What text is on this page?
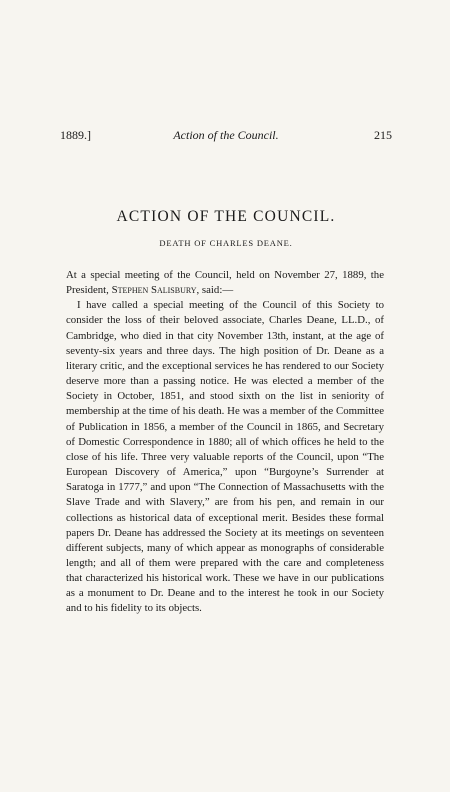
1889.]	Action of the Council.	215
ACTION OF THE COUNCIL.
DEATH OF CHARLES DEANE.

At a special meeting of the Council, held on November 27, 1889, the President, Stephen Salisbury, said:—

I have called a special meeting of the Council of this Society to consider the loss of their beloved associate, Charles Deane, LL.D., of Cambridge, who died in that city November 13th, instant, at the age of seventy-six years and three days. The high position of Dr. Deane as a literary critic, and the exceptional services he has rendered to our Society deserve more than a passing notice. He was elected a member of the Society in October, 1851, and stood sixth on the list in seniority of membership at the time of his death. He was a member of the Committee of Publication in 1856, a member of the Council in 1865, and Secretary of Domestic Correspondence in 1880; all of which offices he held to the close of his life. Three very valuable reports of the Council, upon “The European Discovery of America,” upon “Burgoyne’s Surrender at Saratoga in 1777,” and upon “The Connection of Massachusetts with the Slave Trade and with Slavery,” are from his pen, and remain in our collections as historical data of exceptional merit. Besides these formal papers Dr. Deane has addressed the Society at its meetings on seventeen different subjects, many of which appear as monographs of considerable length; and all of them were prepared with the care and completeness that characterized his historical work. These we have in our publications as a monument to Dr. Deane and to the interest he took in our Society and to his fidelity to its objects.
